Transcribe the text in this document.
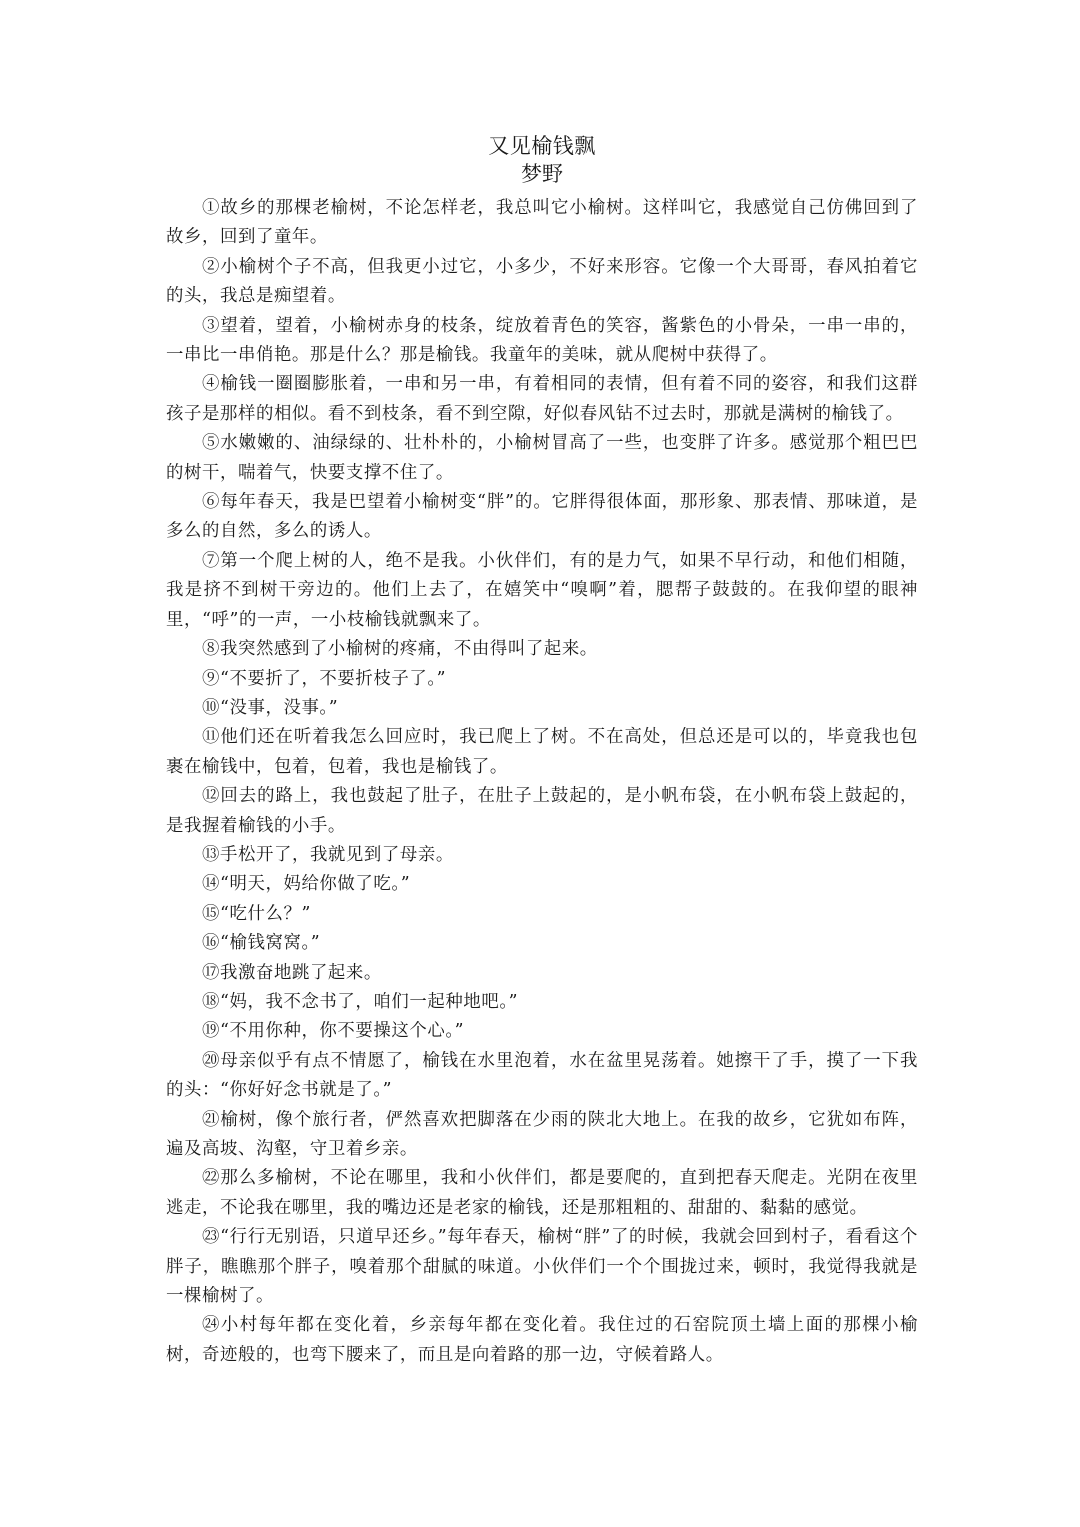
又见榆钱飘
梦野

①故乡的那棵老榆树，不论怎样老，我总叫它小榆树。这样叫它，我感觉自己仿佛回到了故乡，回到了童年。

②小榆树个子不高，但我更小过它，小多少，不好来形容。它像一个大哥哥，春风拍着它的头，我总是痴望着。

③望着，望着，小榆树赤身的枝条，绽放着青色的笑容，酱紫色的小骨朵，一串一串的，一串比一串俏艳。那是什么？那是榆钱。我童年的美味，就从爬树中获得了。

④榆钱一圈圈膨胀着，一串和另一串，有着相同的表情，但有着不同的姿容，和我们这群孩子是那样的相似。看不到枝条，看不到空隙，好似春风钻不过去时，那就是满树的榆钱了。

⑤水嫩嫩的、油绿绿的、壮朴朴的，小榆树冒高了一些，也变胖了许多。感觉那个粗巴巴的树干，喘着气，快要支撑不住了。

⑥每年春天，我是巴望着小榆树变“胖”的。它胖得很体面，那形象、那表情、那味道，是多么的自然，多么的诱人。

⑦第一个爬上树的人，绝不是我。小伙伴们，有的是力气，如果不早行动，和他们相随，我是挤不到树干旁边的。他们上去了，在嬉笑中“嗅啊”着，腮帮子鼓鼓的。在我仰望的眼神里，“呼”的一声，一小枝榆钱就飘来了。

⑧我突然感到了小榆树的疼痛，不由得叫了起来。

⑨“不要折了，不要折枝子了。”

⑩“没事，没事。”

⑪他们还在听着我怎么回应时，我已爬上了树。不在高处，但总还是可以的，毕竟我也包裹在榆钱中，包着，包着，我也是榆钱了。

⑫回去的路上，我也鼓起了肚子，在肚子上鼓起的，是小帆布袋，在小帆布袋上鼓起的，是我握着榆钱的小手。

⑬手松开了，我就见到了母亲。

⑭“明天，妈给你做了吃。”

⑮“吃什么？”

⑯“榆钱窝窝。”

⑰我激奋地跳了起来。

⑱“妈，我不念书了，咱们一起种地吧。”

⑲“不用你种，你不要操这个心。”

⑳母亲似乎有点不情愿了，榆钱在水里泡着，水在盆里晃荡着。她擦干了手，摸了一下我的头：“你好好念书就是了。”

㉑榆树，像个旅行者，俨然喜欢把脚落在少雨的陕北大地上。在我的故乡，它犹如布阵，遍及高坡、沟壑，守卫着乡亲。

㉒那么多榆树，不论在哪里，我和小伙伴们，都是要爬的，直到把春天爬走。光阴在夜里逃走，不论我在哪里，我的嘴边还是老家的榆钱，还是那粗粗的、甜甜的、黏黏的感觉。

㉓“行行无别语，只道早还乡。”每年春天，榆树“胖”了的时候，我就会回到村子，看看这个胖子，瞧瞧那个胖子，嗅着那个甜腻的味道。小伙伴们一个个围拢过来，顿时，我觉得我就是一棵榆树了。

㉔小村每年都在变化着，乡亲每年都在变化着。我住过的石窑院顶土墙上面的那棵小榆树，奇迹般的，也弯下腰来了，而且是向着路的那一边，守候着路人。
